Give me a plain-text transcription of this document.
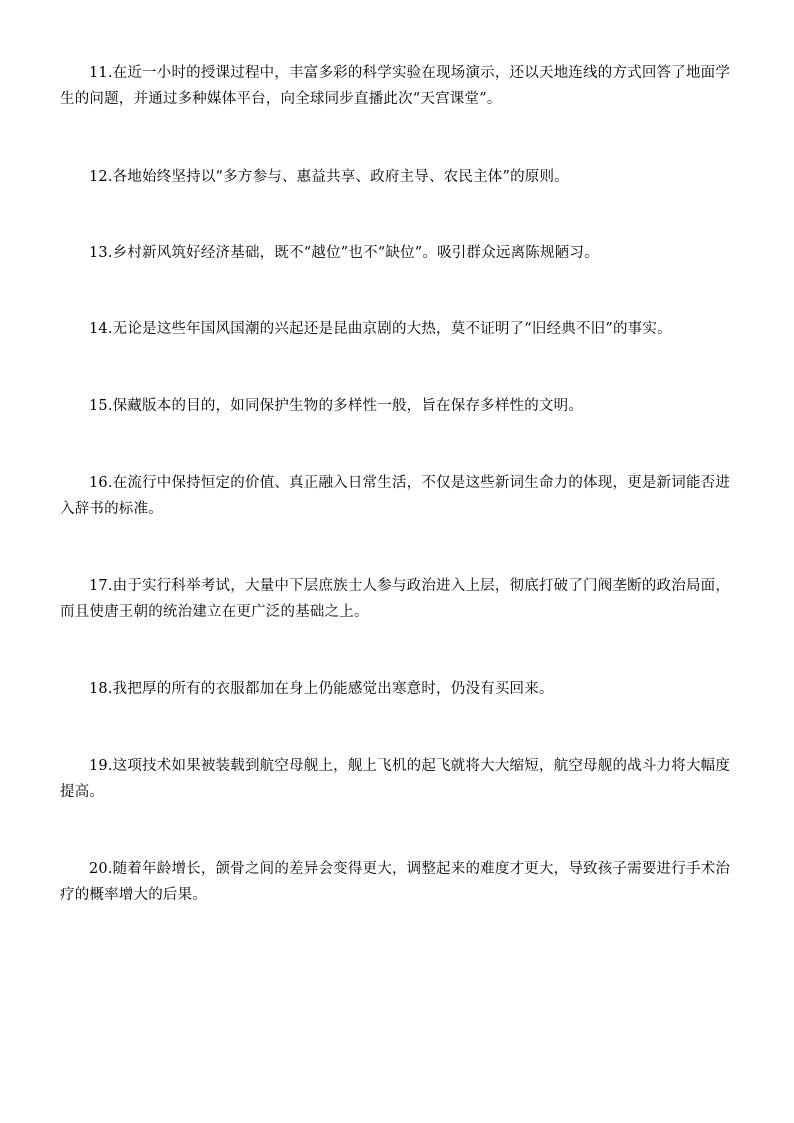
11.在近一小时的授课过程中，丰富多彩的科学实验在现场演示，还以天地连线的方式回答了地面学生的问题，并通过多种媒体平台，向全球同步直播此次“天宫课堂”。

12.各地始终坚持以“多方参与、惠益共享、政府主导、农民主体”的原则。

13.乡村新风筑好经济基础，既不“越位”也不“缺位”。吸引群众远离陈规陋习。

14.无论是这些年国风国潮的兴起还是昆曲京剧的大热，莫不证明了“旧经典不旧”的事实。

15.保藏版本的目的，如同保护生物的多样性一般，旨在保存多样性的文明。

16.在流行中保持恒定的价值、真正融入日常生活，不仅是这些新词生命力的体现，更是新词能否进入辞书的标准。

17.由于实行科举考试，大量中下层庶族士人参与政治进入上层，彻底打破了门阀垄断的政治局面，而且使唐王朝的统治建立在更广泛的基础之上。

18.我把厚的所有的衣服都加在身上仍能感觉出寒意时，仍没有买回来。

19.这项技术如果被装载到航空母舰上，舰上飞机的起飞就将大大缩短，航空母舰的战斗力将大幅度提高。

20.随着年龄增长，颌骨之间的差异会变得更大，调整起来的难度才更大，导致孩子需要进行手术治疗的概率增大的后果。
